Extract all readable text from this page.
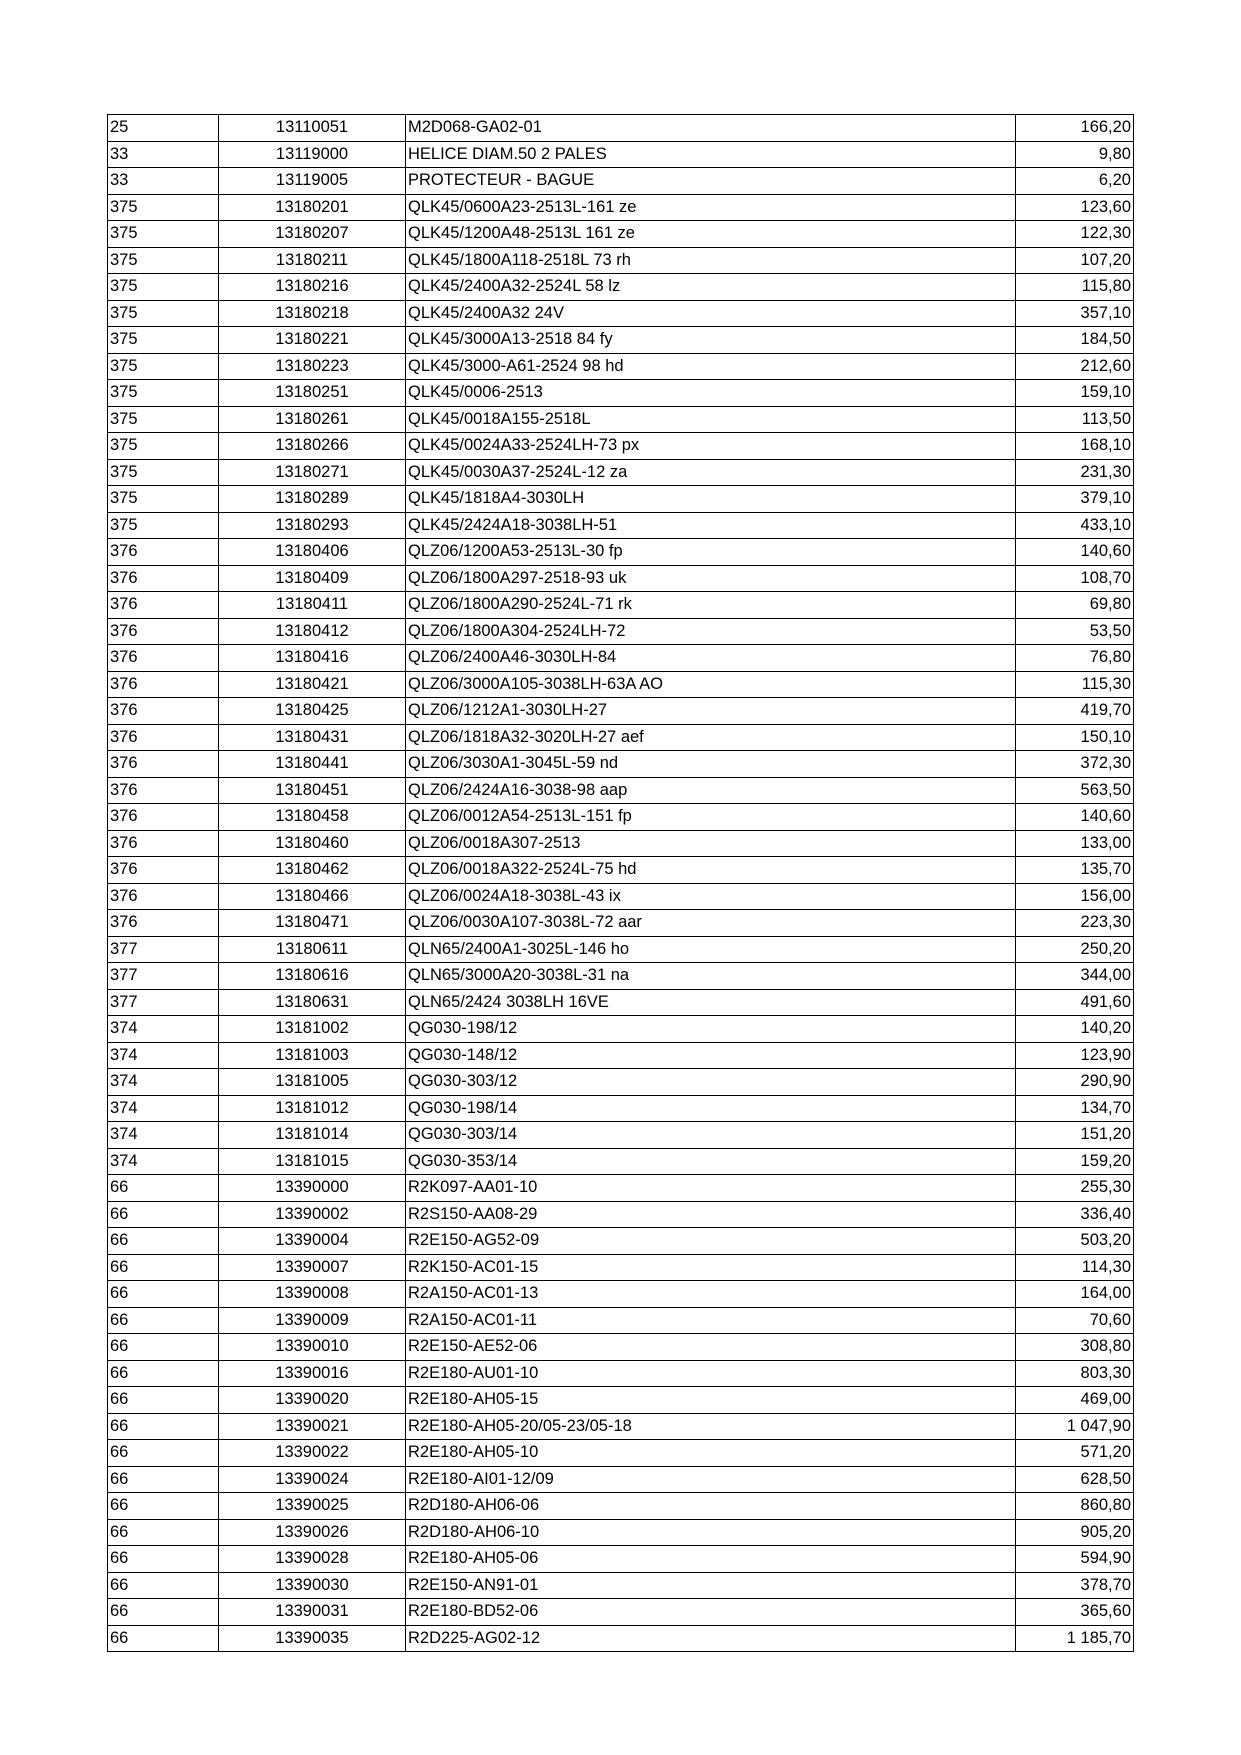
25	13110051	M2D068-GA02-01	166,20
33	13119000	HELICE DIAM.50 2 PALES	9,80
33	13119005	PROTECTEUR - BAGUE	6,20
375	13180201	QLK45/0600A23-2513L-161 ze	123,60
375	13180207	QLK45/1200A48-2513L 161 ze	122,30
375	13180211	QLK45/1800A118-2518L 73 rh	107,20
375	13180216	QLK45/2400A32-2524L 58 lz	115,80
375	13180218	QLK45/2400A32 24V	357,10
375	13180221	QLK45/3000A13-2518 84 fy	184,50
375	13180223	QLK45/3000-A61-2524 98 hd	212,60
375	13180251	QLK45/0006-2513	159,10
375	13180261	QLK45/0018A155-2518L	113,50
375	13180266	QLK45/0024A33-2524LH-73 px	168,10
375	13180271	QLK45/0030A37-2524L-12 za	231,30
375	13180289	QLK45/1818A4-3030LH	379,10
375	13180293	QLK45/2424A18-3038LH-51	433,10
376	13180406	QLZ06/1200A53-2513L-30 fp	140,60
376	13180409	QLZ06/1800A297-2518-93 uk	108,70
376	13180411	QLZ06/1800A290-2524L-71 rk	69,80
376	13180412	QLZ06/1800A304-2524LH-72	53,50
376	13180416	QLZ06/2400A46-3030LH-84	76,80
376	13180421	QLZ06/3000A105-3038LH-63A AO	115,30
376	13180425	QLZ06/1212A1-3030LH-27	419,70
376	13180431	QLZ06/1818A32-3020LH-27 aef	150,10
376	13180441	QLZ06/3030A1-3045L-59 nd	372,30
376	13180451	QLZ06/2424A16-3038-98 aap	563,50
376	13180458	QLZ06/0012A54-2513L-151 fp	140,60
376	13180460	QLZ06/0018A307-2513	133,00
376	13180462	QLZ06/0018A322-2524L-75 hd	135,70
376	13180466	QLZ06/0024A18-3038L-43 ix	156,00
376	13180471	QLZ06/0030A107-3038L-72 aar	223,30
377	13180611	QLN65/2400A1-3025L-146 ho	250,20
377	13180616	QLN65/3000A20-3038L-31 na	344,00
377	13180631	QLN65/2424 3038LH 16VE	491,60
374	13181002	QG030-198/12	140,20
374	13181003	QG030-148/12	123,90
374	13181005	QG030-303/12	290,90
374	13181012	QG030-198/14	134,70
374	13181014	QG030-303/14	151,20
374	13181015	QG030-353/14	159,20
66	13390000	R2K097-AA01-10	255,30
66	13390002	R2S150-AA08-29	336,40
66	13390004	R2E150-AG52-09	503,20
66	13390007	R2K150-AC01-15	114,30
66	13390008	R2A150-AC01-13	164,00
66	13390009	R2A150-AC01-11	70,60
66	13390010	R2E150-AE52-06	308,80
66	13390016	R2E180-AU01-10	803,30
66	13390020	R2E180-AH05-15	469,00
66	13390021	R2E180-AH05-20/05-23/05-18	1 047,90
66	13390022	R2E180-AH05-10	571,20
66	13390024	R2E180-AI01-12/09	628,50
66	13390025	R2D180-AH06-06	860,80
66	13390026	R2D180-AH06-10	905,20
66	13390028	R2E180-AH05-06	594,90
66	13390030	R2E150-AN91-01	378,70
66	13390031	R2E180-BD52-06	365,60
66	13390035	R2D225-AG02-12	1 185,70
